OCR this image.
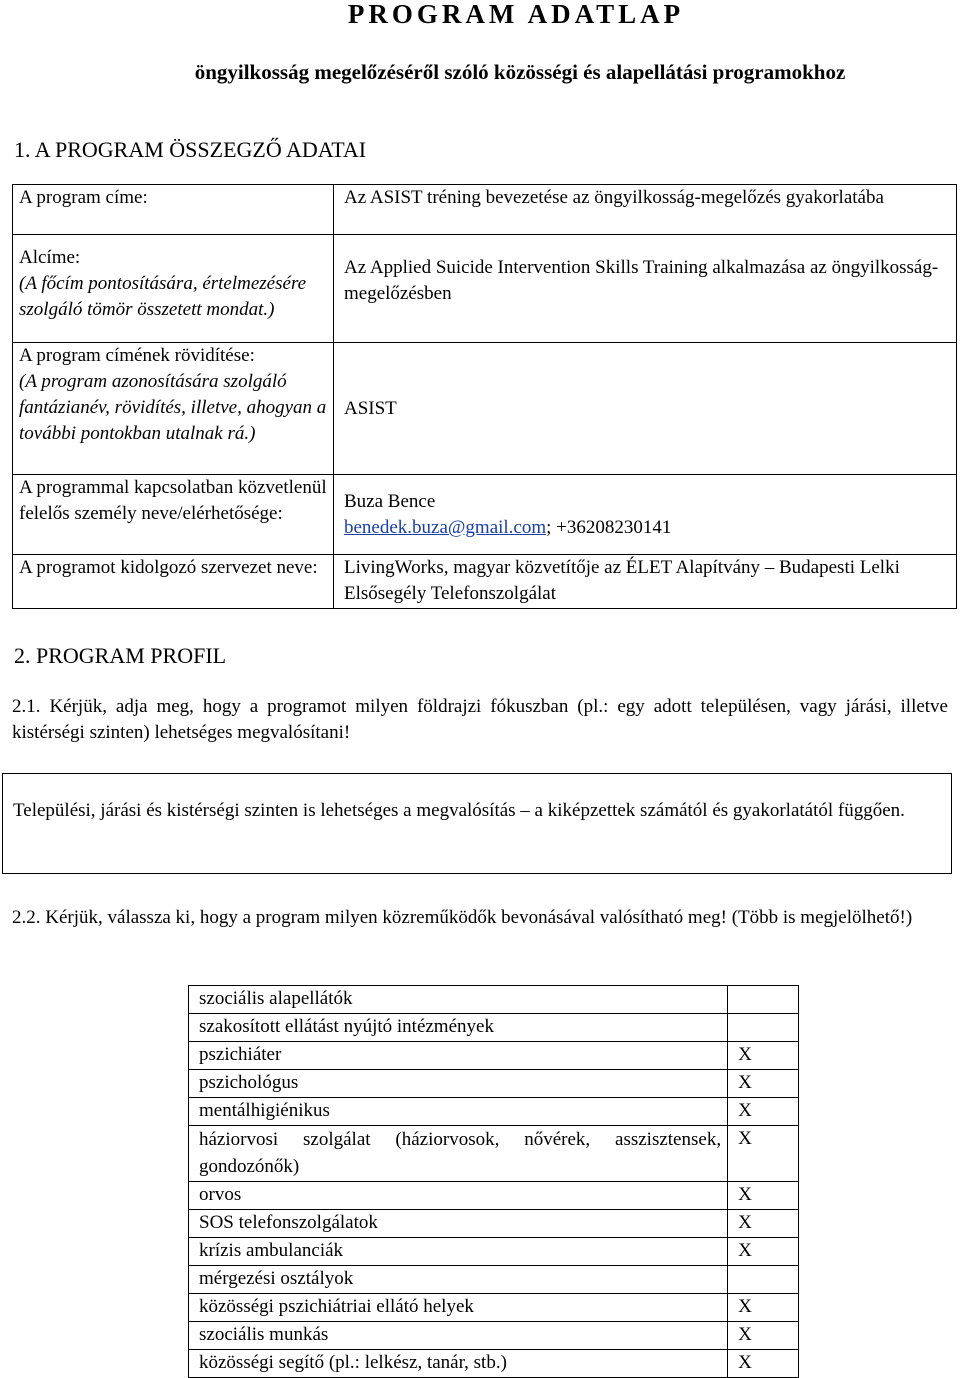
PROGRAM ADATLAP
öngyilkosság megelőzéséről szóló közösségi és alapellátási programokhoz
1. A PROGRAM ÖSSZEGZŐ ADATAI
A program címe:	Az ASIST tréning bevezetése az öngyilkosság-megelőzés gyakorlatába
Alcíme:
(A főcím pontosítására, értelmezésére szolgáló tömör összetett mondat.)	Az Applied Suicide Intervention Skills Training alkalmazása az öngyilkosság-megelőzésben
A program címének rövidítése:
(A program azonosítására szolgáló fantázianév, rövidítés, illetve, ahogyan a további pontokban utalnak rá.)	ASIST
A programmal kapcsolatban közvetlenül felelős személy neve/elérhetősége:	Buza Bence
benedek.buza@gmail.com; +36208230141
A programot kidolgozó szervezet neve:	LivingWorks, magyar közvetítője az ÉLET Alapítvány – Budapesti Lelki Elsősegély Telefonszolgálat
2. PROGRAM PROFIL
2.1. Kérjük, adja meg, hogy a programot milyen földrajzi fókuszban (pl.: egy adott településen, vagy járási, illetve kistérségi szinten) lehetséges megvalósítani!

Települési, járási és kistérségi szinten is lehetséges a megvalósítás – a kiképzettek számától és gyakorlatától függően.

2.2. Kérjük, válassza ki, hogy a program milyen közreműködők bevonásával valósítható meg! (Több is megjelölhető!)
szociális alapellátók	
szakosított ellátást nyújtó intézmények	
pszichiáter	X
pszichológus	X
mentálhigiénikus	X
háziorvosi szolgálat (háziorvosok, nővérek, asszisztensek, gondozónők)	X
orvos	X
SOS telefonszolgálatok	X
krízis ambulanciák	X
mérgezési osztályok	
közösségi pszichiátriai ellátó helyek	X
szociális munkás	X
közösségi segítő (pl.: lelkész, tanár, stb.)	X
